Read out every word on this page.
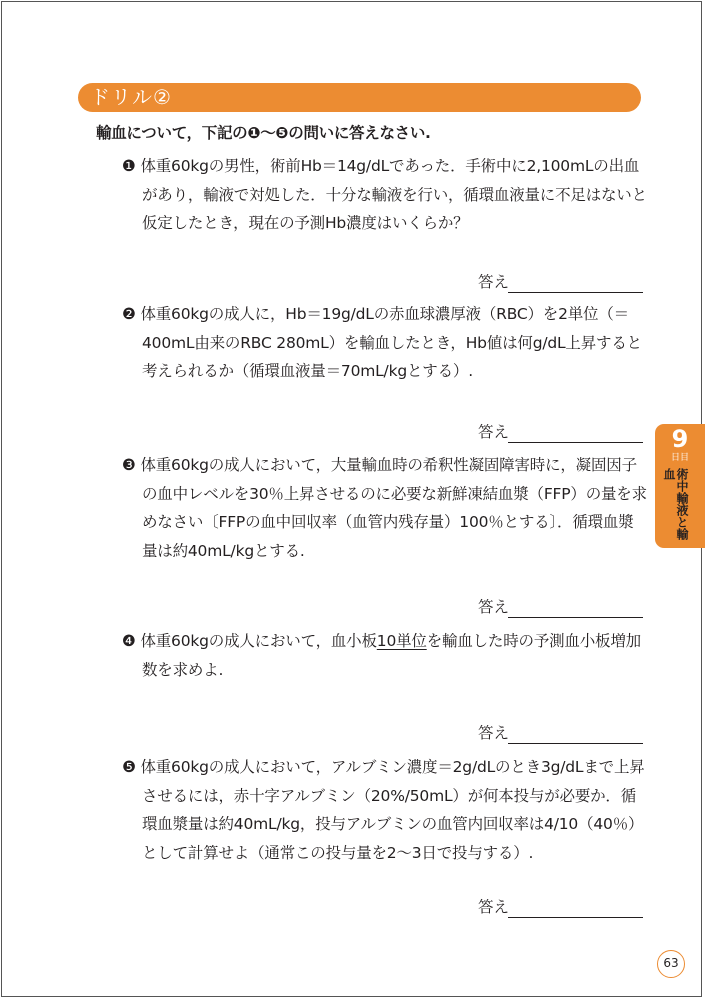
ドリル②
輸血について，下記の❶～❺の問いに答えなさい.
❶ 体重60kgの男性，術前Hb＝14g/dLであった．手術中に2,100mLの出血があり，輸液で対処した．十分な輸液を行い，循環血液量に不足はないと仮定したとき，現在の予測Hb濃度はいくらか？
答え
❷ 体重60kgの成人に，Hb＝19g/dLの赤血球濃厚液（RBC）を2単位（＝400mL由来のRBC 280mL）を輸血したとき，Hb値は何g/dL上昇すると考えられるか（循環血液量＝70mL/kgとする）.
答え
❸ 体重60kgの成人において，大量輸血時の希釈性凝固障害時に，凝固因子の血中レベルを30％上昇させるのに必要な新鮮凍結血漿（FFP）の量を求めなさい〔FFPの血中回収率（血管内残存量）100％とする〕．循環血漿量は約40mL/kgとする.
答え
❹ 体重60kgの成人において，血小板10単位を輸血した時の予測血小板増加数を求めよ.
答え
❺ 体重60kgの成人において，アルブミン濃度＝2g/dLのとき3g/dLまで上昇させるには，赤十字アルブミン（20%/50mL）が何本投与が必要か．循環血漿量は約40mL/kg，投与アルブミンの血管内回収率は4/10（40％）として計算せよ（通常この投与量を2～3日で投与する）.
答え
9
日目
術中輸液と輸血
63
